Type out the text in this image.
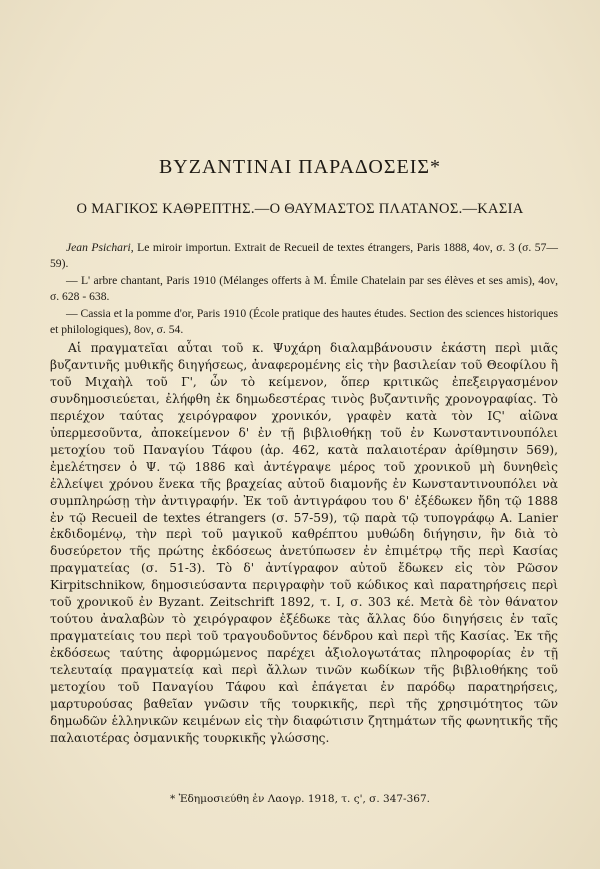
ΒΥΖΑΝΤΙΝΑΙ ΠΑΡΑΔΟΣΕΙΣ*
Ο ΜΑΓΙΚΟΣ ΚΑΘΡΕΠΤΗΣ.—Ο ΘΑΥΜΑΣΤΟΣ ΠΛΑΤΑΝΟΣ.—ΚΑΣΙΑ

Jean Psichari, Le miroir importun. Extrait de Recueil de textes étrangers, Paris 1888, 4ον, σ. 3 (σ. 57—59).

— L' arbre chantant, Paris 1910 (Mélanges offerts à M. Émile Chatelain par ses élèves et ses amis), 4ον, σ. 628 - 638.

— Cassia et la pomme d'or, Paris 1910 (École pratique des hautes études. Section des sciences historiques et philologiques), 8ον, σ. 54.

Αἱ πραγματεῖαι αὗται τοῦ κ. Ψυχάρη διαλαμβάνουσιν ἑκάστη περὶ μιᾶς βυζαντινῆς μυθικῆς διηγήσεως, ἀναφερομένης εἰς τὴν βασιλείαν τοῦ Θεοφίλου ἢ τοῦ Μιχαὴλ τοῦ Γ', ὧν τὸ κείμενον, ὅπερ κριτικῶς ἐπεξειργασμένον συνδημοσιεύεται, ἐλήφθη ἐκ δημωδεστέρας τινὸς βυζαντινῆς χρονογραφίας. Τὸ περιέχον ταύτας χειρόγραφον χρονικόν, γραφὲν κατὰ τὸν ΙϚ' αἰῶνα ὑπερμεσοῦντα, ἀποκείμενον δ' ἐν τῇ βιβλιοθήκῃ τοῦ ἐν Κωνσταντινουπόλει μετοχίου τοῦ Παναγίου Τάφου (ἀρ. 462, κατὰ παλαιοτέραν ἀρίθμησιν 569), ἐμελέτησεν ὁ Ψ. τῷ 1886 καὶ ἀντέγραψε μέρος τοῦ χρονικοῦ μὴ δυνηθεὶς ἐλλείψει χρόνου ἕνεκα τῆς βραχείας αὐτοῦ διαμονῆς ἐν Κωνσταντινουπόλει νὰ συμπληρώσῃ τὴν ἀντιγραφήν. Ἐκ τοῦ ἀντιγράφου του δ' ἐξέδωκεν ἤδη τῷ 1888 ἐν τῷ Recueil de textes étrangers (σ. 57-59), τῷ παρὰ τῷ τυπογράφῳ A. Lanier ἐκδιδομένῳ, τὴν περὶ τοῦ μαγικοῦ καθρέπτου μυθώδη διήγησιν, ἣν διὰ τὸ δυσεύρετον τῆς πρώτης ἐκδόσεως ἀνετύπωσεν ἐν ἐπιμέτρῳ τῆς περὶ Κασίας πραγματείας (σ. 51-3). Τὸ δ' ἀντίγραφον αὐτοῦ ἔδωκεν εἰς τὸν Ρῶσον Kirpitschnikow, δημοσιεύσαντα περιγραφὴν τοῦ κώδικος καὶ παρατηρήσεις περὶ τοῦ χρονικοῦ ἐν Byzant. Zeitschrift 1892, τ. I, σ. 303 κέ. Μετὰ δὲ τὸν θάνατον τούτου ἀναλαβὼν τὸ χειρόγραφον ἐξέδωκε τὰς ἄλλας δύο διηγήσεις ἐν ταῖς πραγματείαις του περὶ τοῦ τραγουδοῦντος δένδρου καὶ περὶ τῆς Κασίας. Ἐκ τῆς ἐκδόσεως ταύτης ἀφορμώμενος παρέχει ἀξιολογωτάτας πληροφορίας ἐν τῇ τελευταίᾳ πραγματείᾳ καὶ περὶ ἄλλων τινῶν κωδίκων τῆς βιβλιοθήκης τοῦ μετοχίου τοῦ Παναγίου Τάφου καὶ ἐπάγεται ἐν παρόδῳ παρατηρήσεις, μαρτυρούσας βαθεῖαν γνῶσιν τῆς τουρκικῆς, περὶ τῆς χρησιμότητος τῶν δημωδῶν ἑλληνικῶν κειμένων εἰς τὴν διαφώτισιν ζητημάτων τῆς φωνητικῆς τῆς παλαιοτέρας ὀσμανικῆς τουρκικῆς γλώσσης.

* Ἐδημοσιεύθη ἐν Λαογρ. 1918, τ. ς', σ. 347-367.
